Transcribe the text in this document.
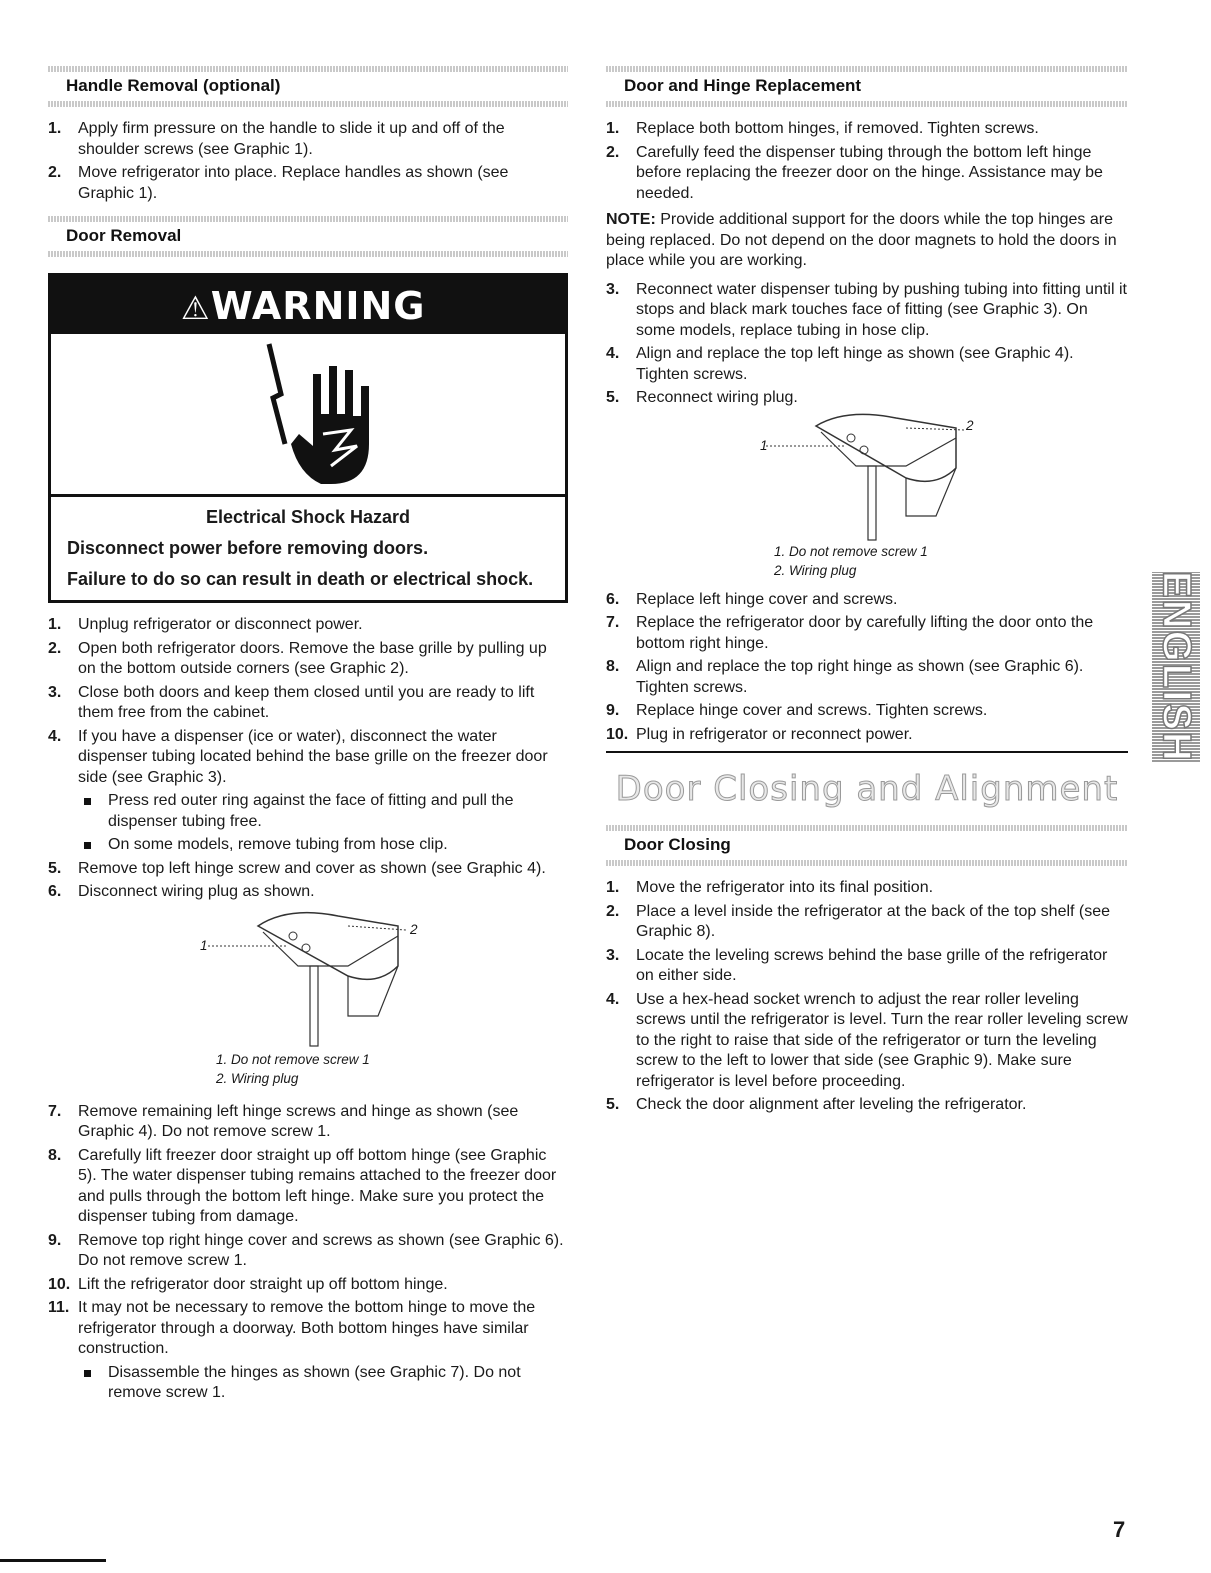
Handle Removal (optional)
1. Apply firm pressure on the handle to slide it up and off of the shoulder screws (see Graphic 1).
2. Move refrigerator into place. Replace handles as shown (see Graphic 1).
Door Removal
⚠WARNING
Electrical Shock Hazard
Disconnect power before removing doors.
Failure to do so can result in death or electrical shock.
1. Unplug refrigerator or disconnect power.
2. Open both refrigerator doors. Remove the base grille by pulling up on the bottom outside corners (see Graphic 2).
3. Close both doors and keep them closed until you are ready to lift them free from the cabinet.
4. If you have a dispenser (ice or water), disconnect the water dispenser tubing located behind the base grille on the freezer door side (see Graphic 3).
Press red outer ring against the face of fitting and pull the dispenser tubing free.
On some models, remove tubing from hose clip.
5. Remove top left hinge screw and cover as shown (see Graphic 4).
6. Disconnect wiring plug as shown.
1
2
1. Do not remove screw 1
2. Wiring plug
7. Remove remaining left hinge screws and hinge as shown (see Graphic 4). Do not remove screw 1.
8. Carefully lift freezer door straight up off bottom hinge (see Graphic 5). The water dispenser tubing remains attached to the freezer door and pulls through the bottom left hinge. Make sure you protect the dispenser tubing from damage.
9. Remove top right hinge cover and screws as shown (see Graphic 6). Do not remove screw 1.
10. Lift the refrigerator door straight up off bottom hinge.
11. It may not be necessary to remove the bottom hinge to move the refrigerator through a doorway. Both bottom hinges have similar construction.
Disassemble the hinges as shown (see Graphic 7). Do not remove screw 1.
Door and Hinge Replacement
1. Replace both bottom hinges, if removed. Tighten screws.
2. Carefully feed the dispenser tubing through the bottom left hinge before replacing the freezer door on the hinge. Assistance may be needed.
NOTE: Provide additional support for the doors while the top hinges are being replaced. Do not depend on the door magnets to hold the doors in place while you are working.
3. Reconnect water dispenser tubing by pushing tubing into fitting until it stops and black mark touches face of fitting (see Graphic 3). On some models, replace tubing in hose clip.
4. Align and replace the top left hinge as shown (see Graphic 4). Tighten screws.
5. Reconnect wiring plug.
1
2
1. Do not remove screw 1
2. Wiring plug
6. Replace left hinge cover and screws.
7. Replace the refrigerator door by carefully lifting the door onto the bottom right hinge.
8. Align and replace the top right hinge as shown (see Graphic 6). Tighten screws.
9. Replace hinge cover and screws. Tighten screws.
10. Plug in refrigerator or reconnect power.
Door Closing and Alignment
Door Closing
1. Move the refrigerator into its final position.
2. Place a level inside the refrigerator at the back of the top shelf (see Graphic 8).
3. Locate the leveling screws behind the base grille of the refrigerator on either side.
4. Use a hex-head socket wrench to adjust the rear roller leveling screws until the refrigerator is level. Turn the rear roller leveling screw to the right to raise that side of the refrigerator or turn the leveling screw to the left to lower that side (see Graphic 9). Make sure refrigerator is level before proceeding.
5. Check the door alignment after leveling the refrigerator.
ENGLISH
7
